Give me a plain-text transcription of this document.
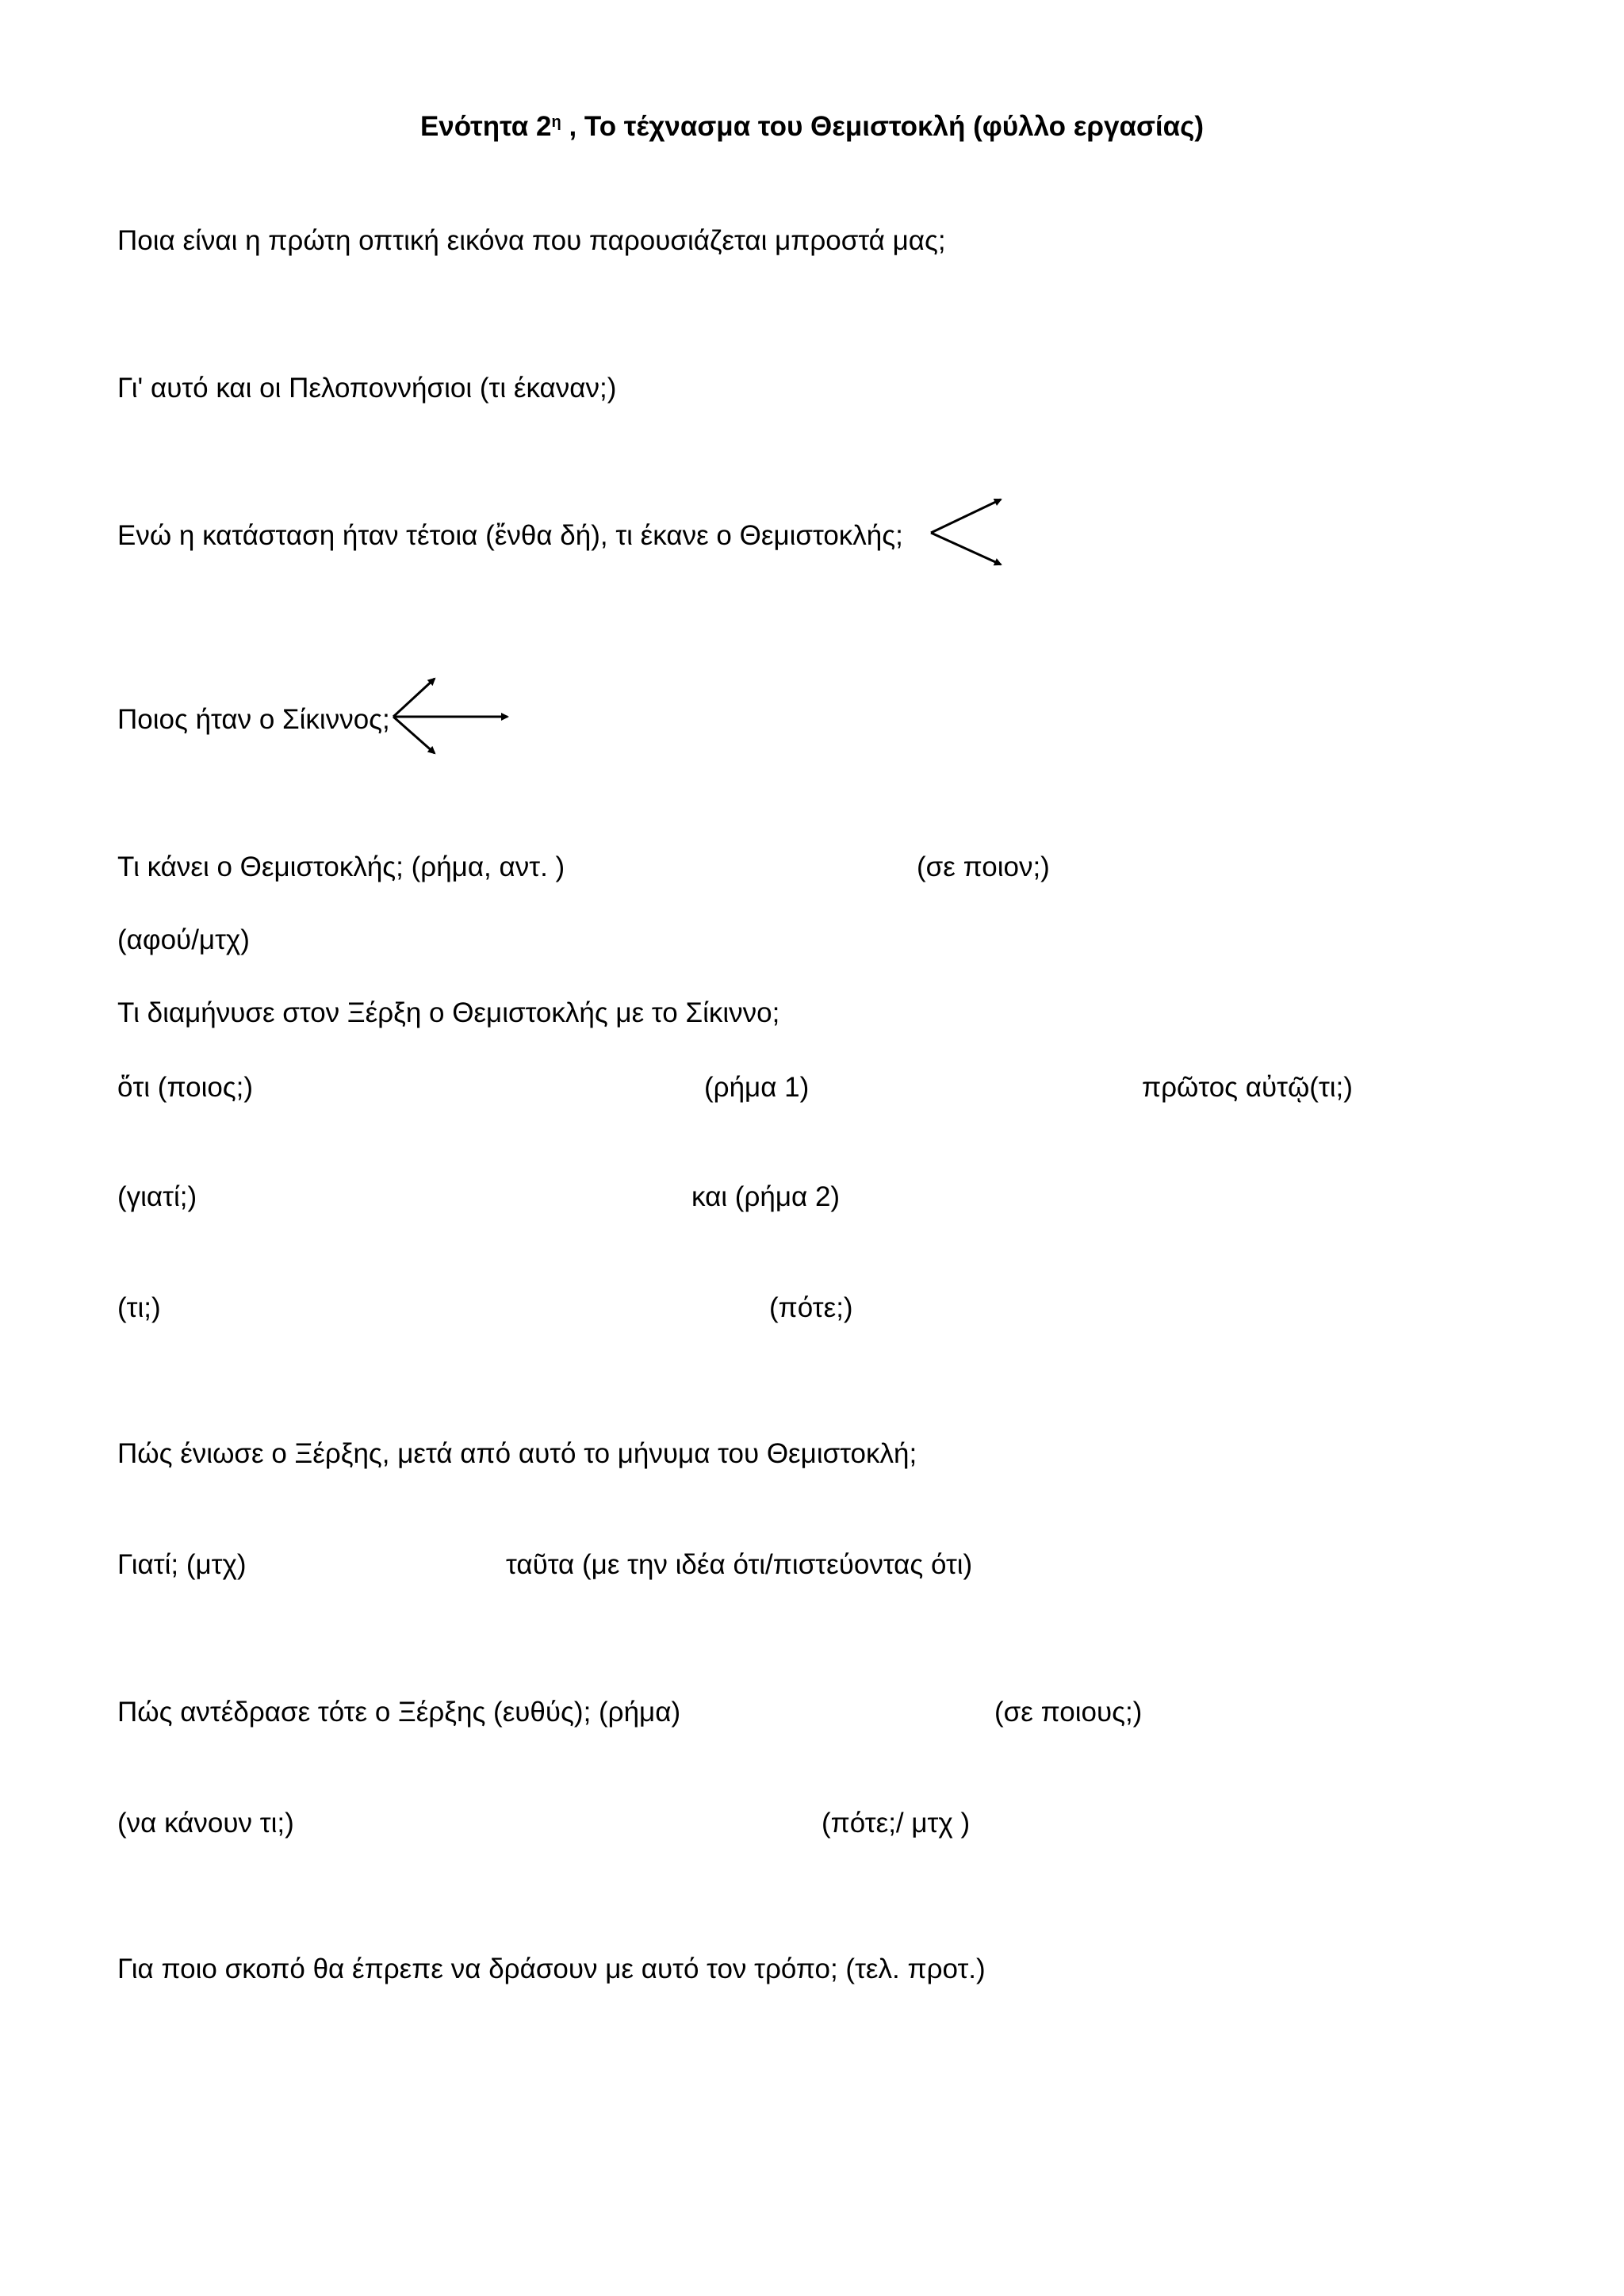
Ενότητα $2^\eta$ , Το τέχνασμα του Θεμιστοκλή (φύλλο εργασίας)
Ποια είναι η πρώτη οπτική εικόνα που παρουσιάζεται μπροστά μας;
Γι' αυτό και οι Πελοποννήσιοι (τι έκαναν;)
Ενώ η κατάσταση ήταν τέτοια (ἔνθα δή), τι έκανε ο Θεμιστοκλής;
Ποιος ήταν ο Σίκιννος;
Τι κάνει ο Θεμιστοκλής; (ρήμα, αντ. )	(σε ποιον;)
(αφού/μτχ)
Τι διαμήνυσε στον Ξέρξη ο Θεμιστοκλής με το Σίκιννο;
ὅτι (ποιος;)	(ρήμα 1)	πρῶτος αὐτῷ(τι;)
(γιατί;)	και (ρήμα 2)
(τι;)	(πότε;)
Πώς ένιωσε ο Ξέρξης, μετά από αυτό το μήνυμα του Θεμιστοκλή;
Γιατί; (μτχ)	ταῦτα (με την ιδέα ότι/πιστεύοντας ότι)
Πώς αντέδρασε τότε ο Ξέρξης (ευθύς); (ρήμα)	(σε ποιους;)
(να κάνουν τι;)	(πότε;/ μτχ )
Για ποιο σκοπό θα έπρεπε να δράσουν με αυτό τον τρόπο; (τελ. προτ.)
